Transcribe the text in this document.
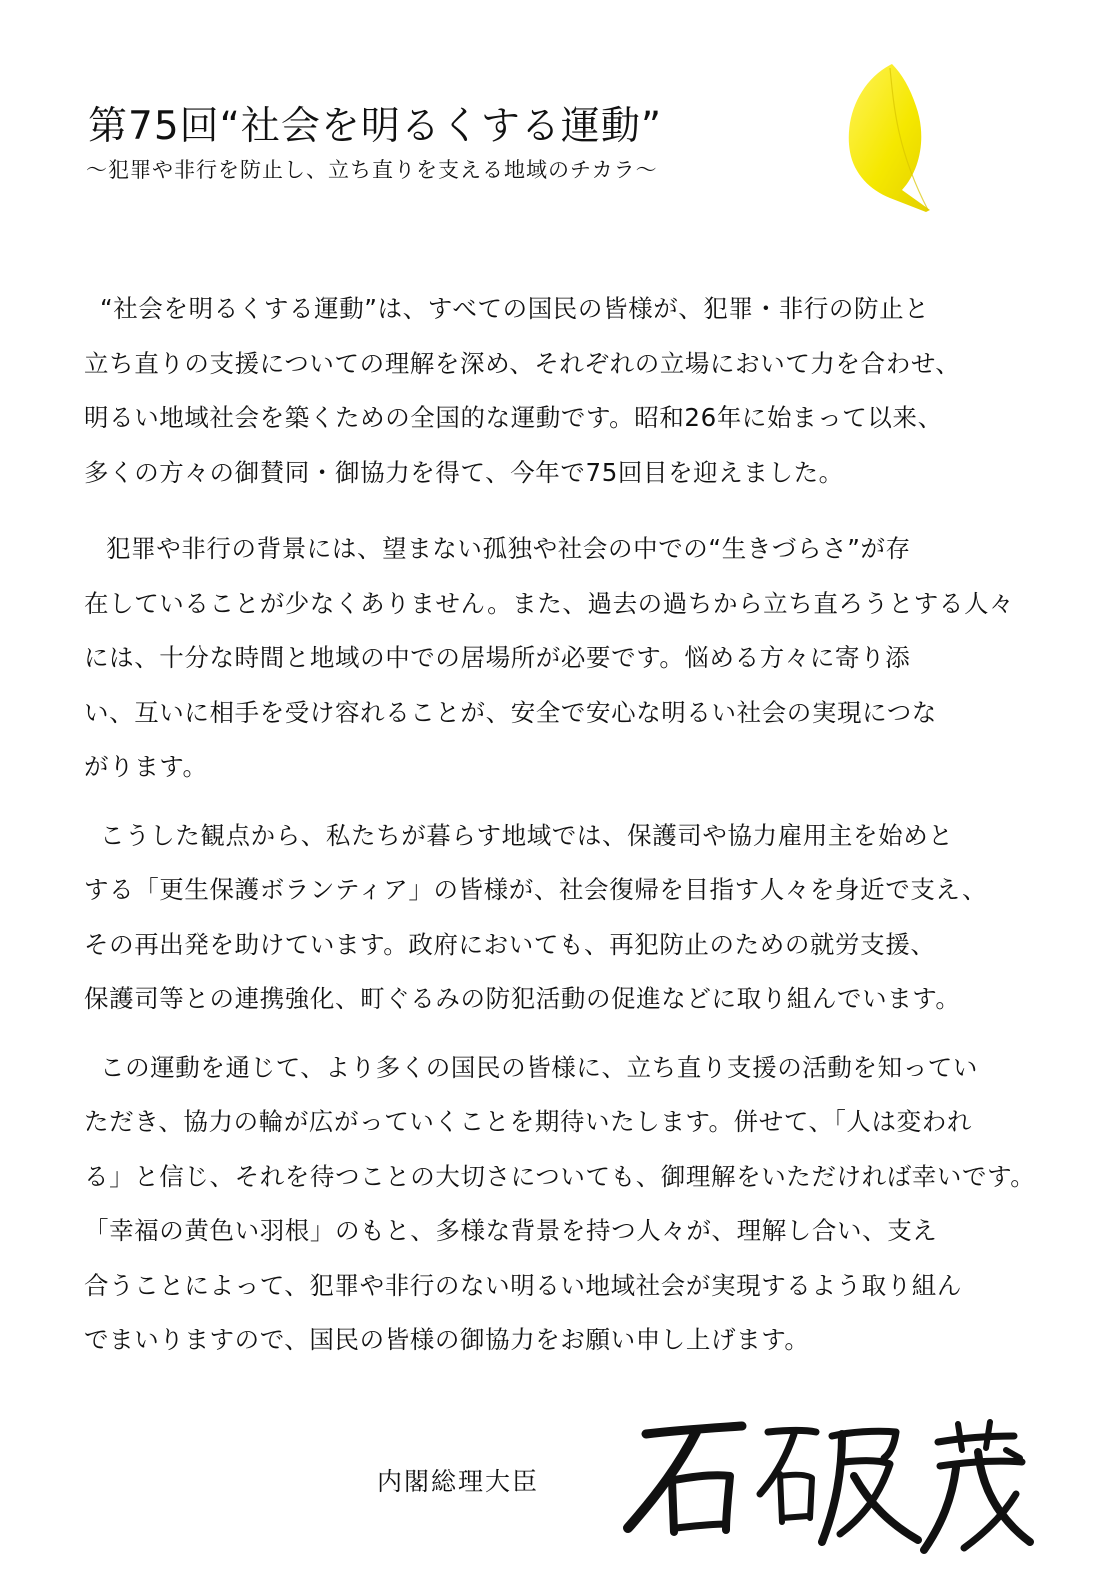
第75回“社会を明るくする運動”

〜犯罪や非行を防止し、立ち直りを支える地域のチカラ〜

“社会を明るくする運動”は、すべての国民の皆様が、犯罪・非行の防止と
立ち直りの支援についての理解を深め、それぞれの立場において力を合わせ、
明るい地域社会を築くための全国的な運動です。昭和26年に始まって以来、
多くの方々の御賛同・御協力を得て、今年で75回目を迎えました。
犯罪や非行の背景には、望まない孤独や社会の中での“生きづらさ”が存
在していることが少なくありません。また、過去の過ちから立ち直ろうとする人々
には、十分な時間と地域の中での居場所が必要です。悩める方々に寄り添
い、互いに相手を受け容れることが、安全で安心な明るい社会の実現につな
がります。
こうした観点から、私たちが暮らす地域では、保護司や協力雇用主を始めと
する「更生保護ボランティア」の皆様が、社会復帰を目指す人々を身近で支え、
その再出発を助けています。政府においても、再犯防止のための就労支援、
保護司等との連携強化、町ぐるみの防犯活動の促進などに取り組んでいます。
この運動を通じて、より多くの国民の皆様に、立ち直り支援の活動を知ってい
ただき、協力の輪が広がっていくことを期待いたします。併せて、「人は変われ
る」と信じ、それを待つことの大切さについても、御理解をいただければ幸いです。
「幸福の黄色い羽根」のもと、多様な背景を持つ人々が、理解し合い、支え
合うことによって、犯罪や非行のない明るい地域社会が実現するよう取り組ん
でまいりますので、国民の皆様の御協力をお願い申し上げます。
内閣総理大臣
